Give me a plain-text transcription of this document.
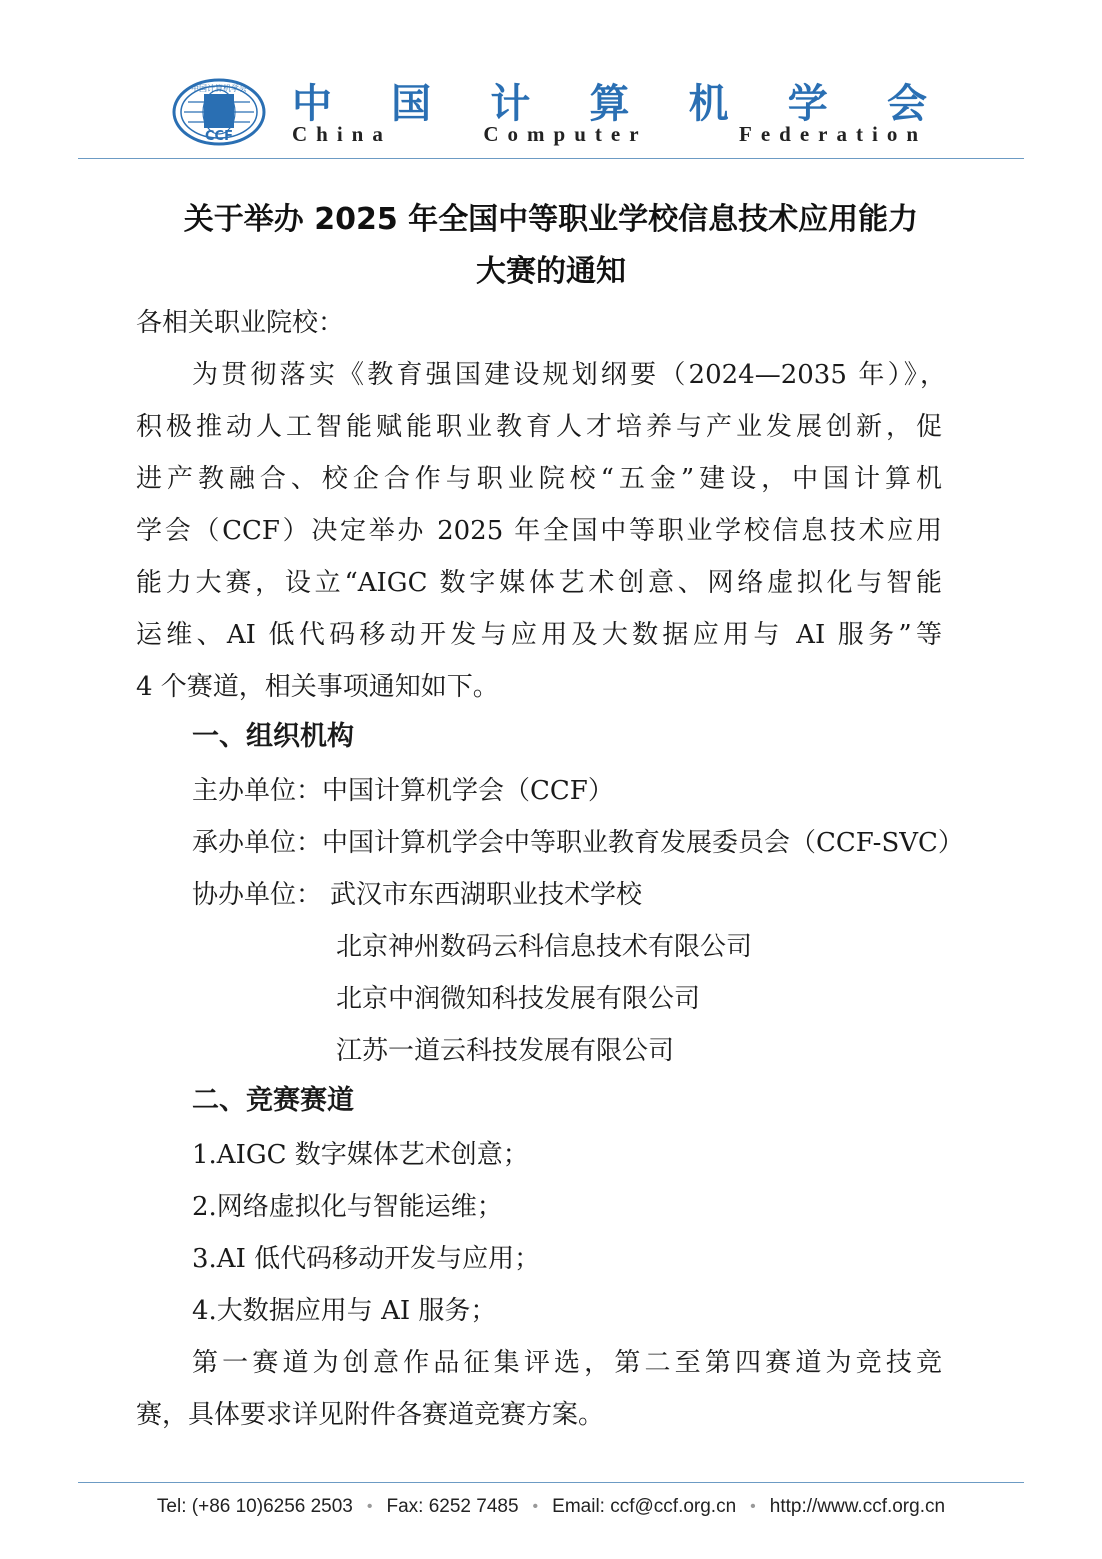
中国计算机学会
CCF
中 国 计 算 机 学 会
China	Computer	Federation
关于举办 2025 年全国中等职业学校信息技术应用能力
大赛的通知
各相关职业院校：
为贯彻落实《教育强国建设规划纲要（2024—2035 年）》，
积极推动人工智能赋能职业教育人才培养与产业发展创新，促
进产教融合、校企合作与职业院校“五金”建设，中国计算机
学会（CCF）决定举办 2025 年全国中等职业学校信息技术应用
能力大赛，设立“AIGC 数字媒体艺术创意、网络虚拟化与智能
运维、AI 低代码移动开发与应用及大数据应用与 AI 服务”等
4 个赛道，相关事项通知如下。
一、组织机构
主办单位：中国计算机学会（CCF）
承办单位：中国计算机学会中等职业教育发展委员会（CCF-SVC）
协办单位： 武汉市东西湖职业技术学校
北京神州数码云科信息技术有限公司
北京中润微知科技发展有限公司
江苏一道云科技发展有限公司
二、竞赛赛道
1.AIGC 数字媒体艺术创意；
2.网络虚拟化与智能运维；
3.AI 低代码移动开发与应用；
4.大数据应用与 AI 服务；
第一赛道为创意作品征集评选，第二至第四赛道为竞技竞
赛，具体要求详见附件各赛道竞赛方案。
Tel: (+86 10)6256 2503 • Fax: 6252 7485 • Email: ccf@ccf.org.cn • http://www.ccf.org.cn
